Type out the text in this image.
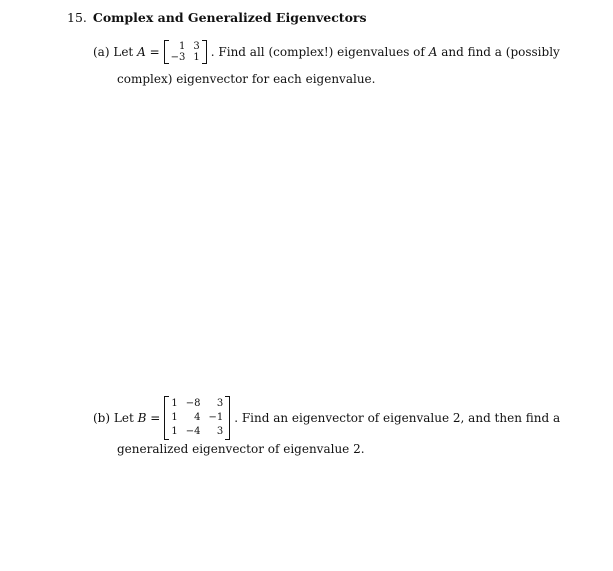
15. Complex and Generalized Eigenvectors
(a)
Let
A
=	1 3
−3 1 . Find all (complex!) eigenvalues of
A
and find a (possibly
complex) eigenvector for each eigenvalue.
(b)
Let
B
=
1 −8	3
1	4 −1
1 −4	3
. Find an eigenvector of eigenvalue 2, and then find a
generalized eigenvector of eigenvalue 2.
